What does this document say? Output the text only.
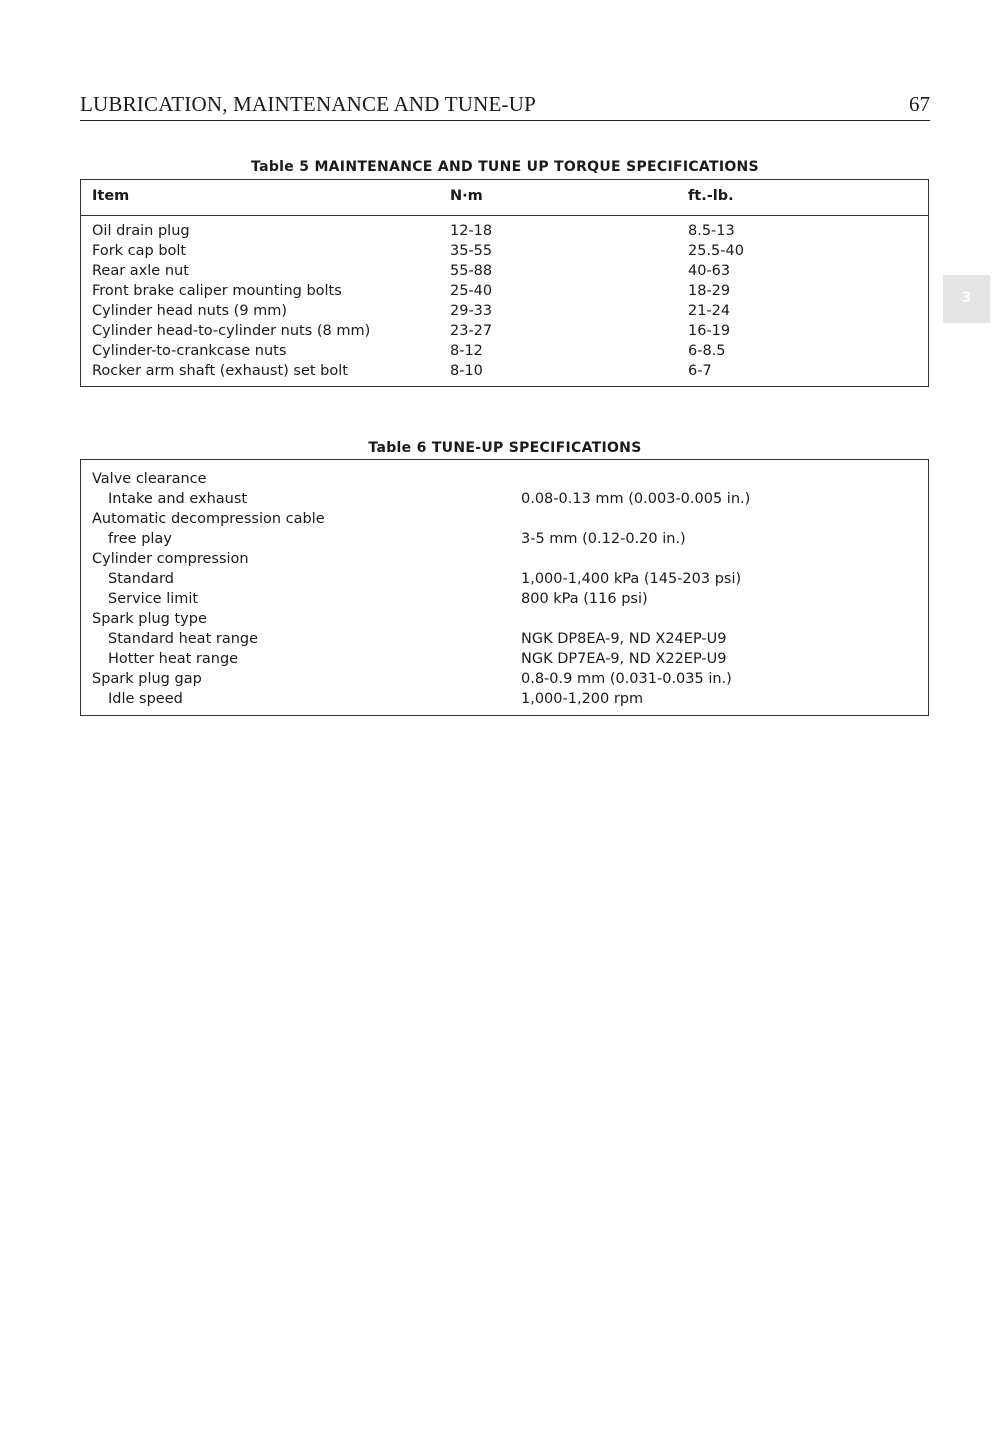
LUBRICATION, MAINTENANCE AND TUNE-UP	67
3
Table 5 MAINTENANCE AND TUNE UP TORQUE SPECIFICATIONS
Item	N·m	ft.-lb.
Oil drain plug	12-18	8.5-13
Fork cap bolt	35-55	25.5-40
Rear axle nut	55-88	40-63
Front brake caliper mounting bolts	25-40	18-29
Cylinder head nuts (9 mm)	29-33	21-24
Cylinder head-to-cylinder nuts (8 mm)	23-27	16-19
Cylinder-to-crankcase nuts	8-12	6-8.5
Rocker arm shaft (exhaust) set bolt	8-10	6-7
Table 6 TUNE-UP SPECIFICATIONS
Valve clearance
Intake and exhaust	0.08-0.13 mm (0.003-0.005 in.)
Automatic decompression cable
free play	3-5 mm (0.12-0.20 in.)
Cylinder compression
Standard	1,000-1,400 kPa (145-203 psi)
Service limit	800 kPa (116 psi)
Spark plug type
Standard heat range	NGK DP8EA-9, ND X24EP-U9
Hotter heat range	NGK DP7EA-9, ND X22EP-U9
Spark plug gap	0.8-0.9 mm (0.031-0.035 in.)
Idle speed	1,000-1,200 rpm
